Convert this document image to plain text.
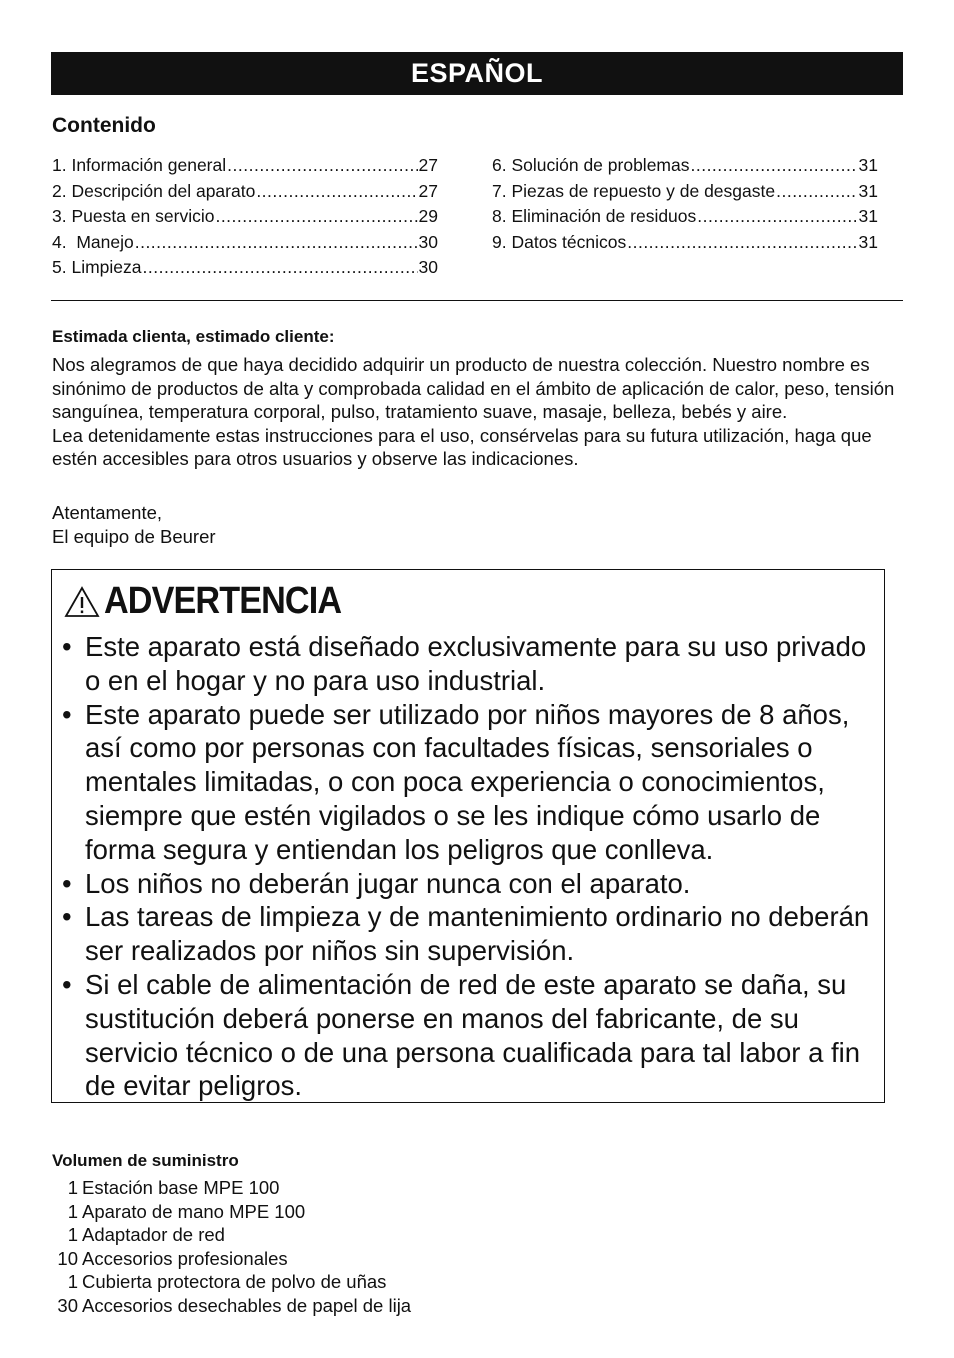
ESPAÑOL
Contenido
1. Información general .....	27
2. Descripción del aparato .....	27
3. Puesta en servicio .....	29
4.  Manejo .....	30
5. Limpieza .....	30
6. Solución de problemas .....	31
7. Piezas de repuesto y de desgaste .....	31
8. Eliminación de residuos .....	31
9. Datos técnicos .....	31
Estimada clienta, estimado cliente:

Nos alegramos de que haya decidido adquirir un producto de nuestra colección. Nuestro nombre es sinónimo de productos de alta y comprobada calidad en el ámbito de aplicación de calor, peso, tensión sanguínea, temperatura corporal, pulso, tratamiento suave, masaje, belleza, bebés y aire.

Lea detenidamente estas instrucciones para el uso, consérvelas para su futura utilización, haga que estén accesibles para otros usuarios y observe las indicaciones.

Atentamente,
El equipo de Beurer
ADVERTENCIA
• Este aparato está diseñado exclusivamente para su uso privado o en el hogar y no para uso industrial.
• Este aparato puede ser utilizado por niños mayores de 8 años, así como por personas con facultades físicas, sensoriales o mentales limitadas, o con poca experiencia o conocimientos, siempre que estén vigilados o se les indique cómo usarlo de forma segura y entiendan los peligros que conlleva.
• Los niños no deberán jugar nunca con el aparato.
• Las tareas de limpieza y de mantenimiento ordinario no deberán ser realizados por niños sin supervisión.
• Si el cable de alimentación de red de este aparato se daña, su sustitución deberá ponerse en manos del fabricante, de su servicio técnico o de una persona cualificada para tal labor a fin de evitar peligros.
Volumen de suministro
1 Estación base MPE 100
1 Aparato de mano MPE 100
1 Adaptador de red
10 Accesorios profesionales
1 Cubierta protectora de polvo de uñas
30 Accesorios desechables de papel de lija
